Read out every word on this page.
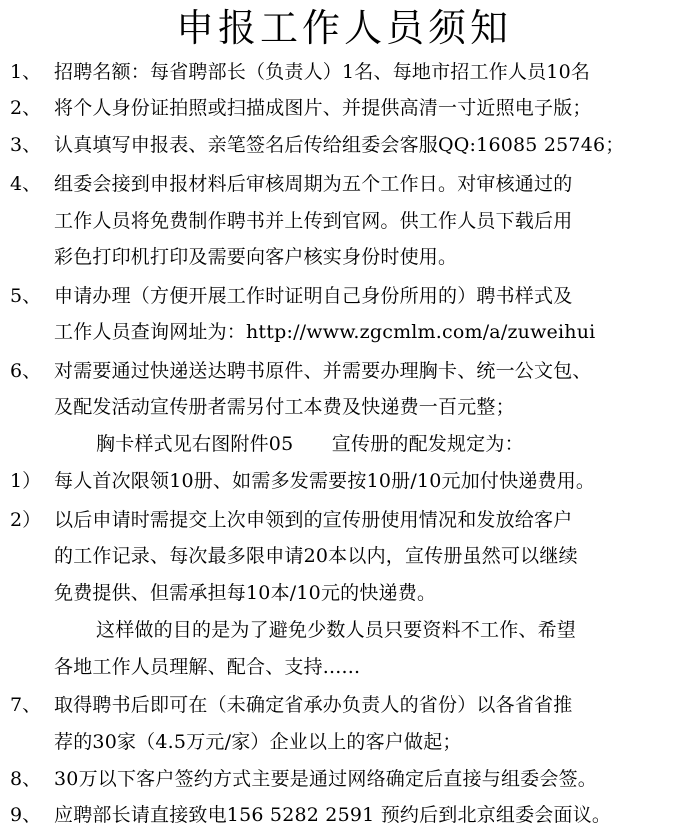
申报工作人员须知
1、 招聘名额：每省聘部长（负责人）1名、每地市招工作人员10名
2、 将个人身份证拍照或扫描成图片、并提供高清一寸近照电子版；
3、 认真填写申报表、亲笔签名后传给组委会客服QQ:16085 25746；
4、 组委会接到申报材料后审核周期为五个工作日。对审核通过的
工作人员将免费制作聘书并上传到官网。供工作人员下载后用
彩色打印机打印及需要向客户核实身份时使用。
5、 申请办理（方便开展工作时证明自己身份所用的）聘书样式及
工作人员查询网址为：http://www.zgcmlm.com/a/zuweihui
6、 对需要通过快递送达聘书原件、并需要办理胸卡、统一公文包、
及配发活动宣传册者需另付工本费及快递费一百元整；
胸卡样式见右图附件05　　宣传册的配发规定为：
1） 每人首次限领10册、如需多发需要按10册/10元加付快递费用。
2） 以后申请时需提交上次申领到的宣传册使用情况和发放给客户
的工作记录、每次最多限申请20本以内，宣传册虽然可以继续
免费提供、但需承担每10本/10元的快递费。
这样做的目的是为了避免少数人员只要资料不工作、希望
各地工作人员理解、配合、支持......
7、 取得聘书后即可在（未确定省承办负责人的省份）以各省省推
荐的30家（4.5万元/家）企业以上的客户做起；
8、 30万以下客户签约方式主要是通过网络确定后直接与组委会签。
9、 应聘部长请直接致电156 5282 2591 预约后到北京组委会面议。
